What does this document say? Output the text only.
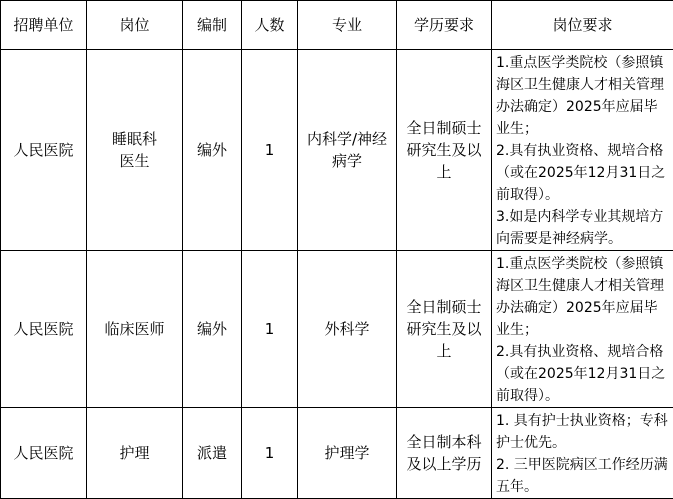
招聘单位	岗位	编制	人数	专业	学历要求	岗位要求

人民医院	睡眠科医生	编外	1	内科学/神经病学	全日制硕士研究生及以上	1.重点医学类院校（参照镇海区卫生健康人才相关管理办法确定）2025年应届毕业生；
2.具有执业资格、规培合格（或在2025年12月31日之前取得）。
3.如是内科学专业其规培方向需要是神经病学。

人民医院	临床医师	编外	1	外科学	全日制硕士研究生及以上	1.重点医学类院校（参照镇海区卫生健康人才相关管理办法确定）2025年应届毕业生；
2.具有执业资格、规培合格（或在2025年12月31日之前取得）。

人民医院	护理	派遣	1	护理学	全日制本科及以上学历	1. 具有护士执业资格；专科护士优先。
2. 三甲医院病区工作经历满五年。
